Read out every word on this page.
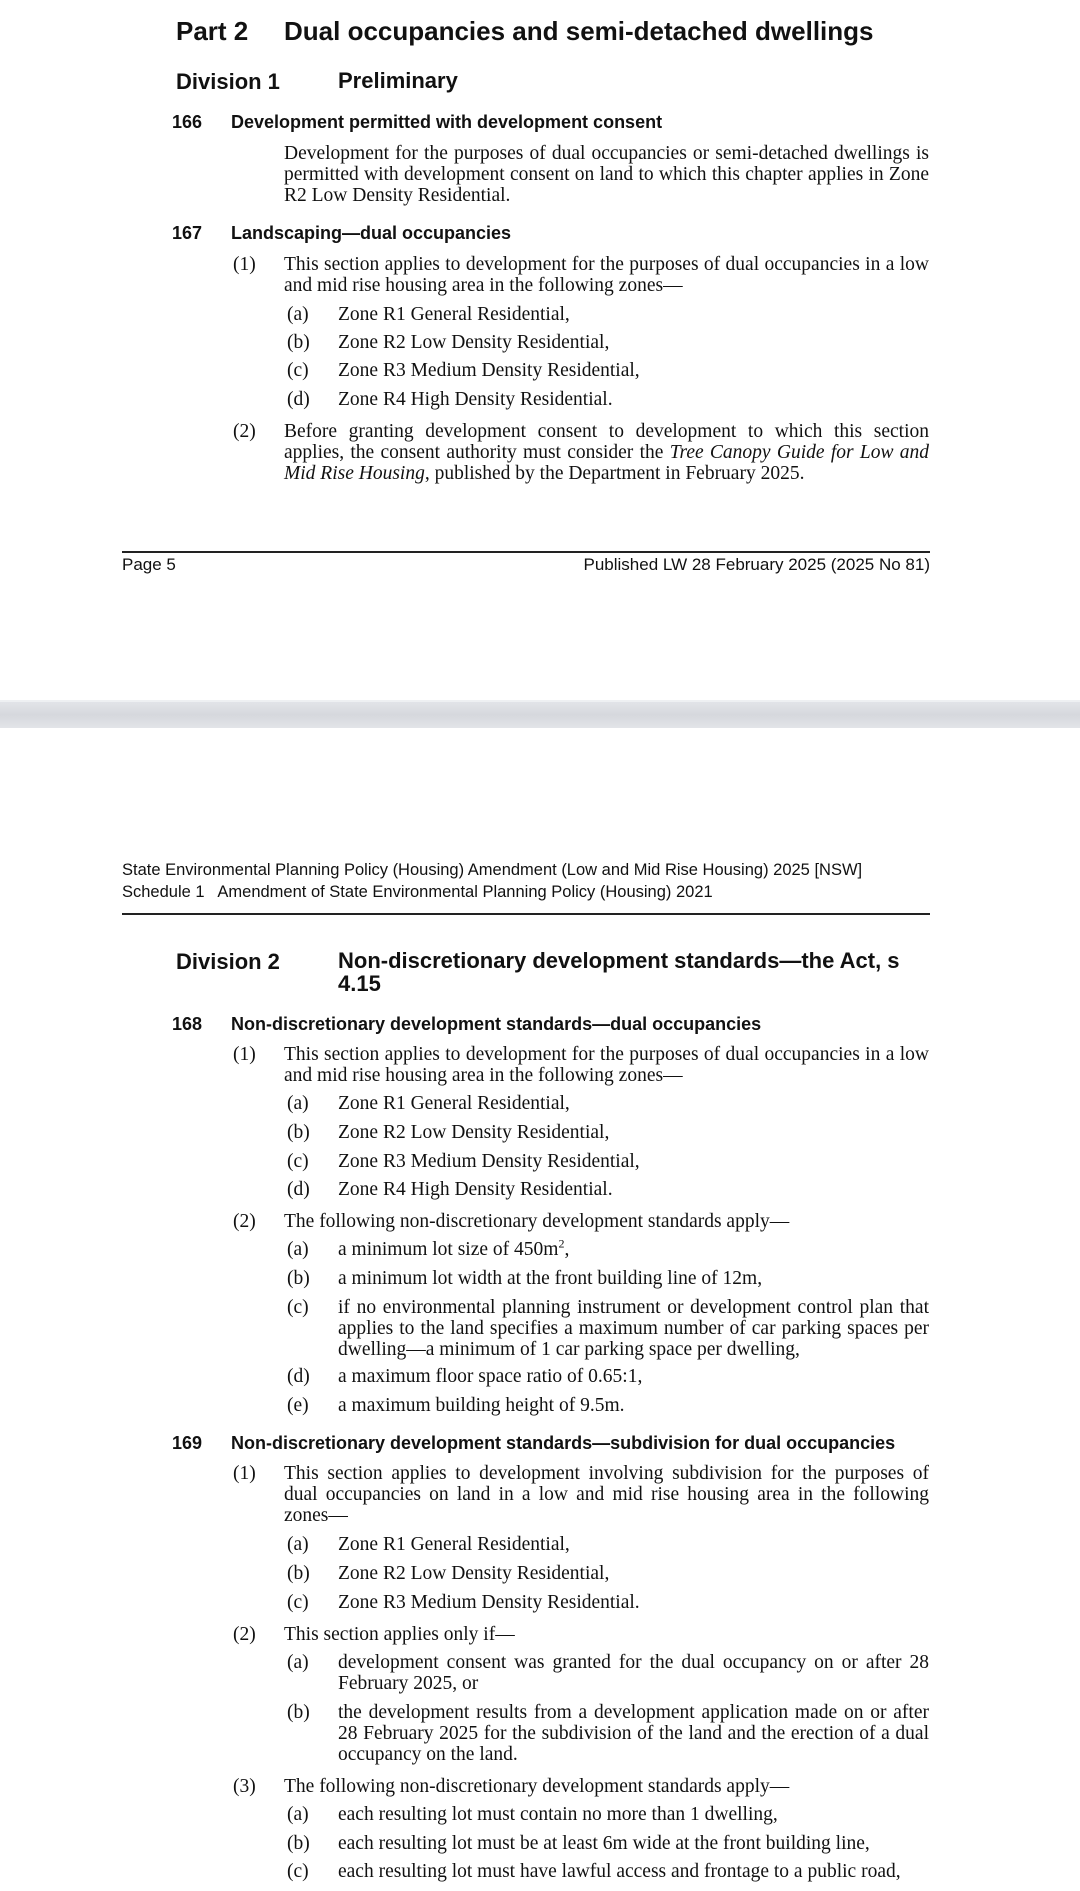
Part 2 Dual occupancies and semi-detached dwellings
Division 1	Preliminary
166 Development permitted with development consent
Development for the purposes of dual occupancies or semi-detached dwellings is permitted with development consent on land to which this chapter applies in Zone R2 Low Density Residential.
167 Landscaping—dual occupancies
(1) This section applies to development for the purposes of dual occupancies in a low and mid rise housing area in the following zones—
(a) Zone R1 General Residential,
(b) Zone R2 Low Density Residential,
(c) Zone R3 Medium Density Residential,
(d) Zone R4 High Density Residential.
(2) Before granting development consent to development to which this section applies, the consent authority must consider the Tree Canopy Guide for Low and Mid Rise Housing, published by the Department in February 2025.
Page 5	Published LW 28 February 2025 (2025 No 81)
State Environmental Planning Policy (Housing) Amendment (Low and Mid Rise Housing) 2025 [NSW]
Schedule 1   Amendment of State Environmental Planning Policy (Housing) 2021
Division 2	Non-discretionary development standards—the Act, s 4.15
168 Non-discretionary development standards—dual occupancies
(1) This section applies to development for the purposes of dual occupancies in a low and mid rise housing area in the following zones—
(a) Zone R1 General Residential,
(b) Zone R2 Low Density Residential,
(c) Zone R3 Medium Density Residential,
(d) Zone R4 High Density Residential.
(2) The following non-discretionary development standards apply—
(a) a minimum lot size of $450m^2$,
(b) a minimum lot width at the front building line of 12m,
(c) if no environmental planning instrument or development control plan that applies to the land specifies a maximum number of car parking spaces per dwelling—a minimum of 1 car parking space per dwelling,
(d) a maximum floor space ratio of 0.65:1,
(e) a maximum building height of 9.5m.
169 Non-discretionary development standards—subdivision for dual occupancies
(1) This section applies to development involving subdivision for the purposes of dual occupancies on land in a low and mid rise housing area in the following zones—
(a) Zone R1 General Residential,
(b) Zone R2 Low Density Residential,
(c) Zone R3 Medium Density Residential.
(2) This section applies only if—
(a) development consent was granted for the dual occupancy on or after 28 February 2025, or
(b) the development results from a development application made on or after 28 February 2025 for the subdivision of the land and the erection of a dual occupancy on the land.
(3) The following non-discretionary development standards apply—
(a) each resulting lot must contain no more than 1 dwelling,
(b) each resulting lot must be at least 6m wide at the front building line,
(c) each resulting lot must have lawful access and frontage to a public road,
